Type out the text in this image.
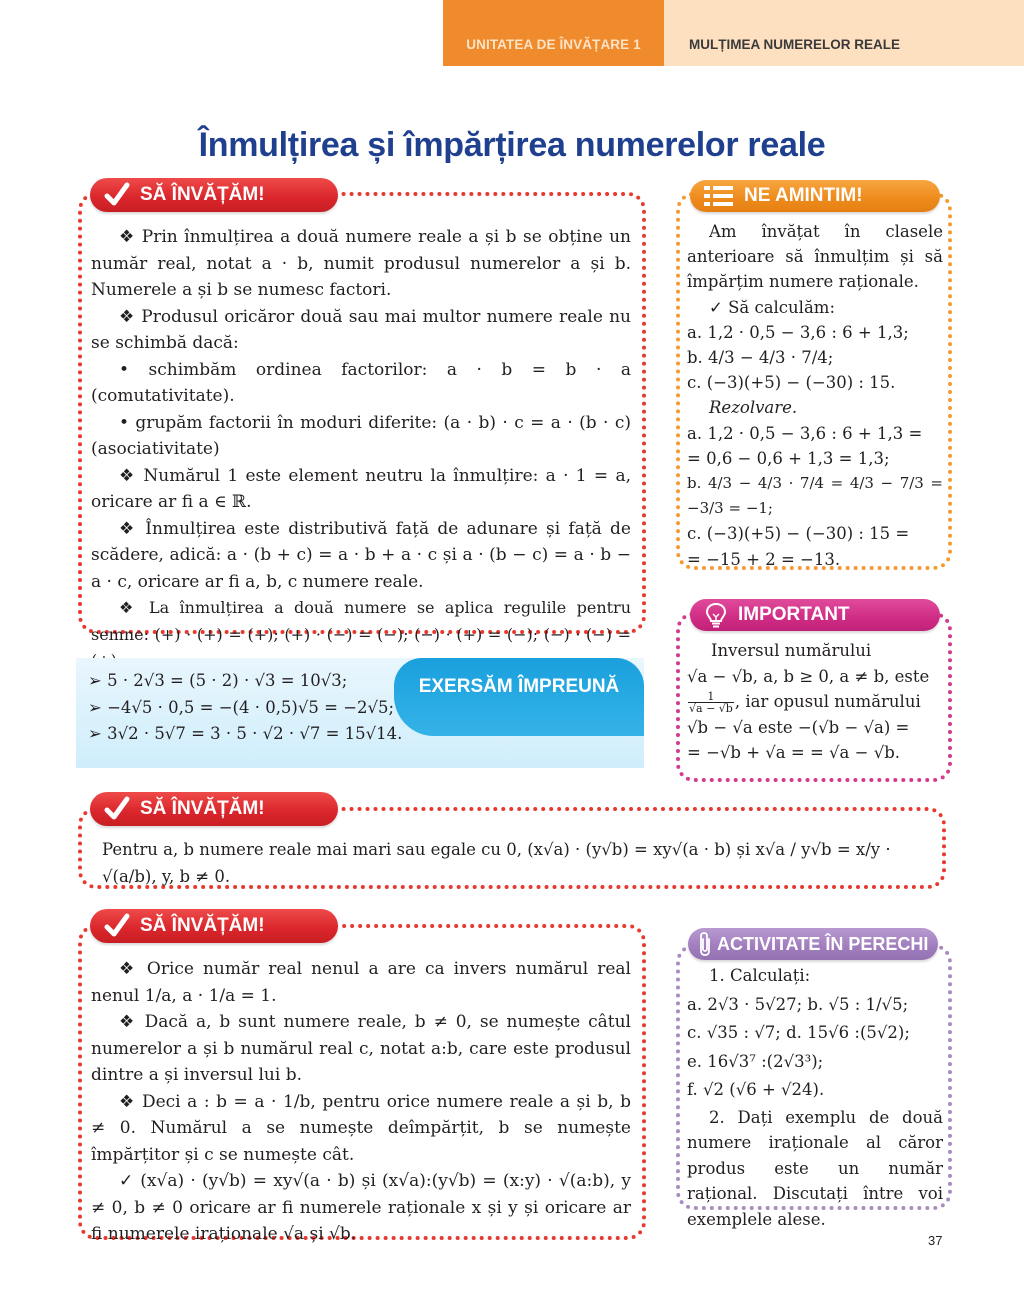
UNITATEA DE ÎNVĂȚARE 1	MULȚIMEA NUMERELOR REALE
Înmulțirea și împărțirea numerelor reale
SĂ ÎNVĂȚĂM!

❖ Prin înmulțirea a două numere reale a și b se obține un număr real, notat a · b, numit produsul numerelor a și b. Numerele a și b se numesc factori.

❖ Produsul oricăror două sau mai multor numere reale nu se schimbă dacă:

• schimbăm ordinea factorilor: a · b = b · a (comutativitate).

• grupăm factorii în moduri diferite: (a · b) · c = a · (b · c) (asociativitate)

❖ Numărul 1 este element neutru la înmulțire: a · 1 = a, oricare ar fi a ∈ ℝ.

❖ Înmulțirea este distributivă față de adunare și față de scădere, adică: a · (b + c) = a · b + a · c și a · (b − c) = a · b − a · c, oricare ar fi a, b, c numere reale.

❖ La înmulțirea a două numere se aplica regulile pentru semne: (+) · (+) = (+); (+) · (−) = (−); (−) · (+) = (−); (−) · (−) =

EXERSĂM ÎMPREUNĂ
➢ 5 · 2√3 = (5 · 2) · √3 = 10√3;
➢ −4√5 · 0,5 = −(4 · 0,5)√5 = −2√5;
➢ 3√2 · 5√7 = 3 · 5 · √2 · √7 = 15√14.
NE AMINTIM!

Am învățat în clasele anterioare să înmulțim și să împărțim numere raționale.

✓ Să calculăm:

a. 1,2 · 0,5 − 3,6 : 6 + 1,3;

b. 4/3 − 4/3 · 7/4;

c. (−3)(+5) − (−30) : 15.

Rezolvare.

a. 1,2 · 0,5 − 3,6 : 6 + 1,3 =

= 0,6 − 0,6 + 1,3 = 1,3;

b. 4/3 − 4/3 · 7/4 = 4/3 − 7/3 = −3/3 = −1;

c. (−3)(+5) − (−30) : 15 =

= −15 + 2 = −13.

IMPORTANT

Inversul numărului

√a − √b, a, b ≥ 0, a ≠ b, este

$\frac{1}{√a - √b}$ , iar opusul numărului

√b − √a este −(√b − √a) =

= −√b + √a = = √a − √b.

SĂ ÎNVĂȚĂM!
Pentru a, b numere reale mai mari sau egale cu 0, (x√a) · (y√b) = xy√(a · b) și x√a / y√b = x/y · √(a/b), y, b ≠ 0.
SĂ ÎNVĂȚĂM!

❖ Orice număr real nenul a are ca invers numărul real nenul 1/a, a · 1/a = 1.

❖ Dacă a, b sunt numere reale, b ≠ 0, se numește câtul numerelor a și b numărul real c, notat a:b, care este produsul dintre a și inversul lui b.

❖ Deci a : b = a · 1/b, pentru orice numere reale a și b, b ≠ 0. Numărul a se numește deîmpărțit, b se numește împărțitor și c se numește cât.

✓ (x√a) · (y√b) = xy√(a · b) și (x√a):(y√b) = (x:y) · √(a:b), y ≠ 0, b ≠ 0 oricare ar fi numerele raționale x și y și oricare ar fi numerele iraționale √a și √b.

ACTIVITATE ÎN PERECHI

1. Calculați:

a. 2√3 · 5√27; b. √5 : 1/√5;

c. √35 : √7; d. 15√6 :(5√2);

e. 16√3⁷ :(2√3³);

f. √2 (√6 + √24).

2. Dați exemplu de două numere iraționale al căror produs este un număr rațional. Discutați între voi exemplele alese.

37
